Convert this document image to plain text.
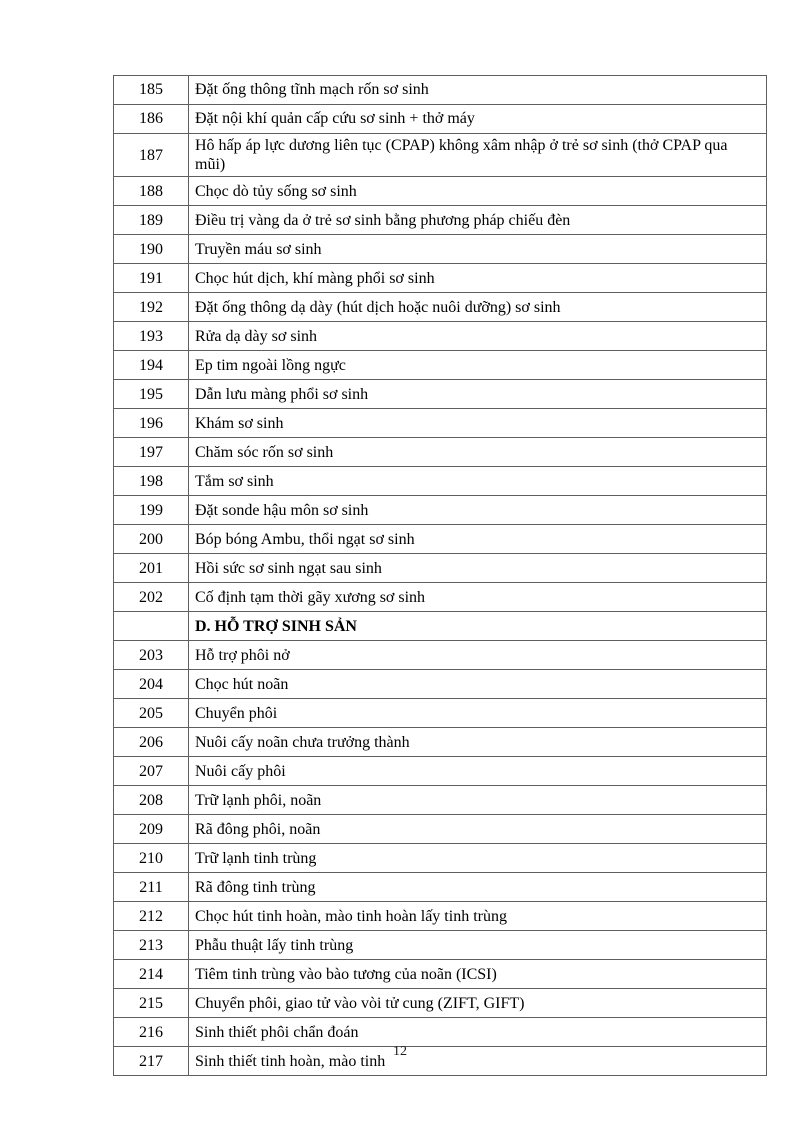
185	Đặt ống thông tĩnh mạch rốn sơ sinh
186	Đặt nội khí quản cấp cứu sơ sinh + thở máy
187	Hô hấp áp lực dương liên tục (CPAP) không xâm nhập ở trẻ sơ sinh (thở CPAP qua mũi)
188	Chọc dò tủy sống sơ sinh
189	Điều trị vàng da ở trẻ sơ sinh bằng phương pháp chiếu đèn
190	Truyền máu sơ sinh
191	Chọc hút dịch, khí màng phổi sơ sinh
192	Đặt ống thông dạ dày (hút dịch hoặc nuôi dưỡng) sơ sinh
193	Rửa dạ dày sơ sinh
194	Ep tim ngoài lồng ngực
195	Dẫn lưu màng phổi sơ sinh
196	Khám sơ sinh
197	Chăm sóc rốn sơ sinh
198	Tắm sơ sinh
199	Đặt sonde hậu môn sơ sinh
200	Bóp bóng Ambu, thổi ngạt sơ sinh
201	Hồi sức sơ sinh ngạt sau sinh
202	Cố định tạm thời gãy xương sơ sinh
	D. HỖ TRỢ SINH SẢN
203	Hỗ trợ phôi nở
204	Chọc hút noãn
205	Chuyển phôi
206	Nuôi cấy noãn chưa trưởng thành
207	Nuôi cấy phôi
208	Trữ lạnh phôi, noãn
209	Rã đông phôi, noãn
210	Trữ lạnh tinh trùng
211	Rã đông tinh trùng
212	Chọc hút tinh hoàn, mào tinh hoàn lấy tinh trùng
213	Phẫu thuật lấy tinh trùng
214	Tiêm tinh trùng vào bào tương của noãn (ICSI)
215	Chuyển phôi, giao tử vào vòi tử cung (ZIFT, GIFT)
216	Sinh thiết phôi chẩn đoán
217	Sinh thiết tinh hoàn, mào tinh
12
